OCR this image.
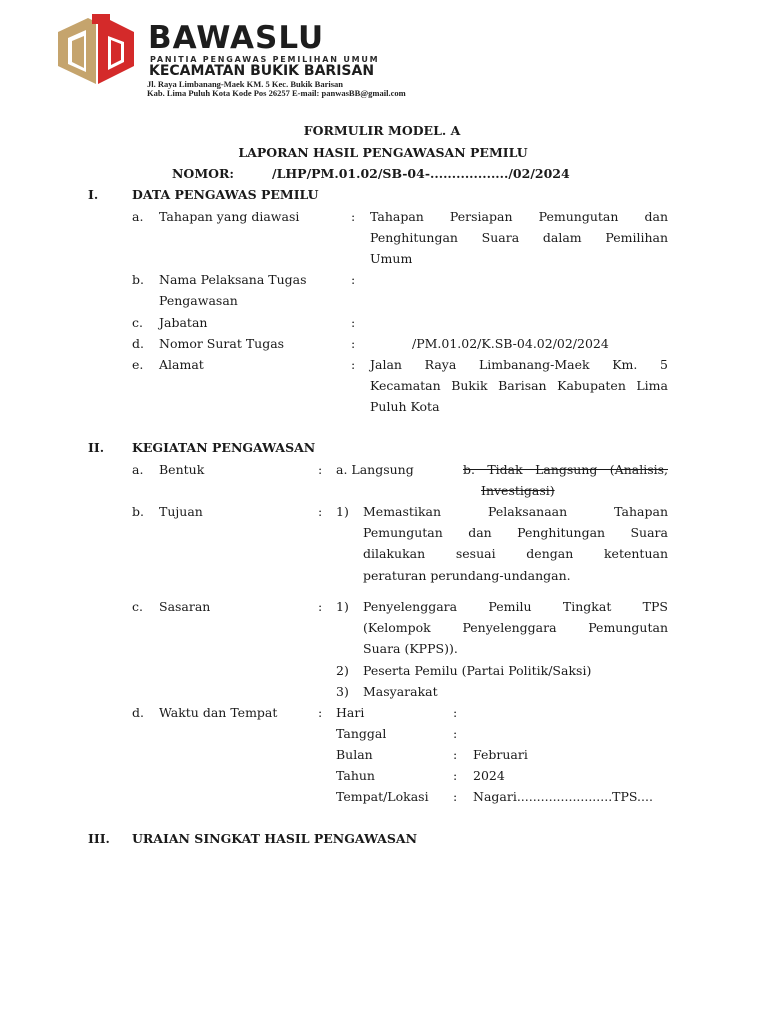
BAWASLU
PANITIA PENGAWAS PEMILIHAN UMUM
KECAMATAN BUKIK BARISAN
Jl. Raya Limbanang-Maek KM. 5 Kec. Bukik Barisan
Kab. Lima Puluh Kota Kode Pos 26257 E-mail: panwasBB@gmail.com
FORMULIR MODEL. A
LAPORAN HASIL PENGAWASAN PEMILU
NOMOR:	/LHP/PM.01.02/SB-04-................../02/2024
I.	DATA PENGAWAS PEMILU
a. Tahapan yang diawasi	: Tahapan Persiapan Pemungutan dan
Penghitungan Suara dalam Pemilihan
Umum
b. Nama Pelaksana Tugas
Pengawasan
:
c. Jabatan	:
d. Nomor Surat Tugas	:	/PM.01.02/K.SB-04.02/02/2024
e. Alamat	: Jalan Raya Limbanang-Maek Km. 5
Kecamatan Bukik Barisan Kabupaten Lima
Puluh Kota
II. KEGIATAN PENGAWASAN
a. Bentuk	: a. Langsung	b. Tidak Langsung (Analisis,
Investigasi)
b. Tujuan	: 1) Memastikan Pelaksanaan Tahapan
Pemungutan dan Penghitungan Suara
dilakukan sesuai dengan ketentuan
peraturan perundang-undangan.
c. Sasaran	: 1) Penyelenggara Pemilu Tingkat TPS
(Kelompok Penyelenggara Pemungutan
Suara (KPPS)).
2) Peserta Pemilu (Partai Politik/Saksi)
3) Masyarakat
d. Waktu dan Tempat	: Hari	:
Tanggal	:
Bulan	: Februari
Tahun	: 2024
Tempat/Lokasi : Nagari........................TPS....
III. URAIAN SINGKAT HASIL PENGAWASAN
